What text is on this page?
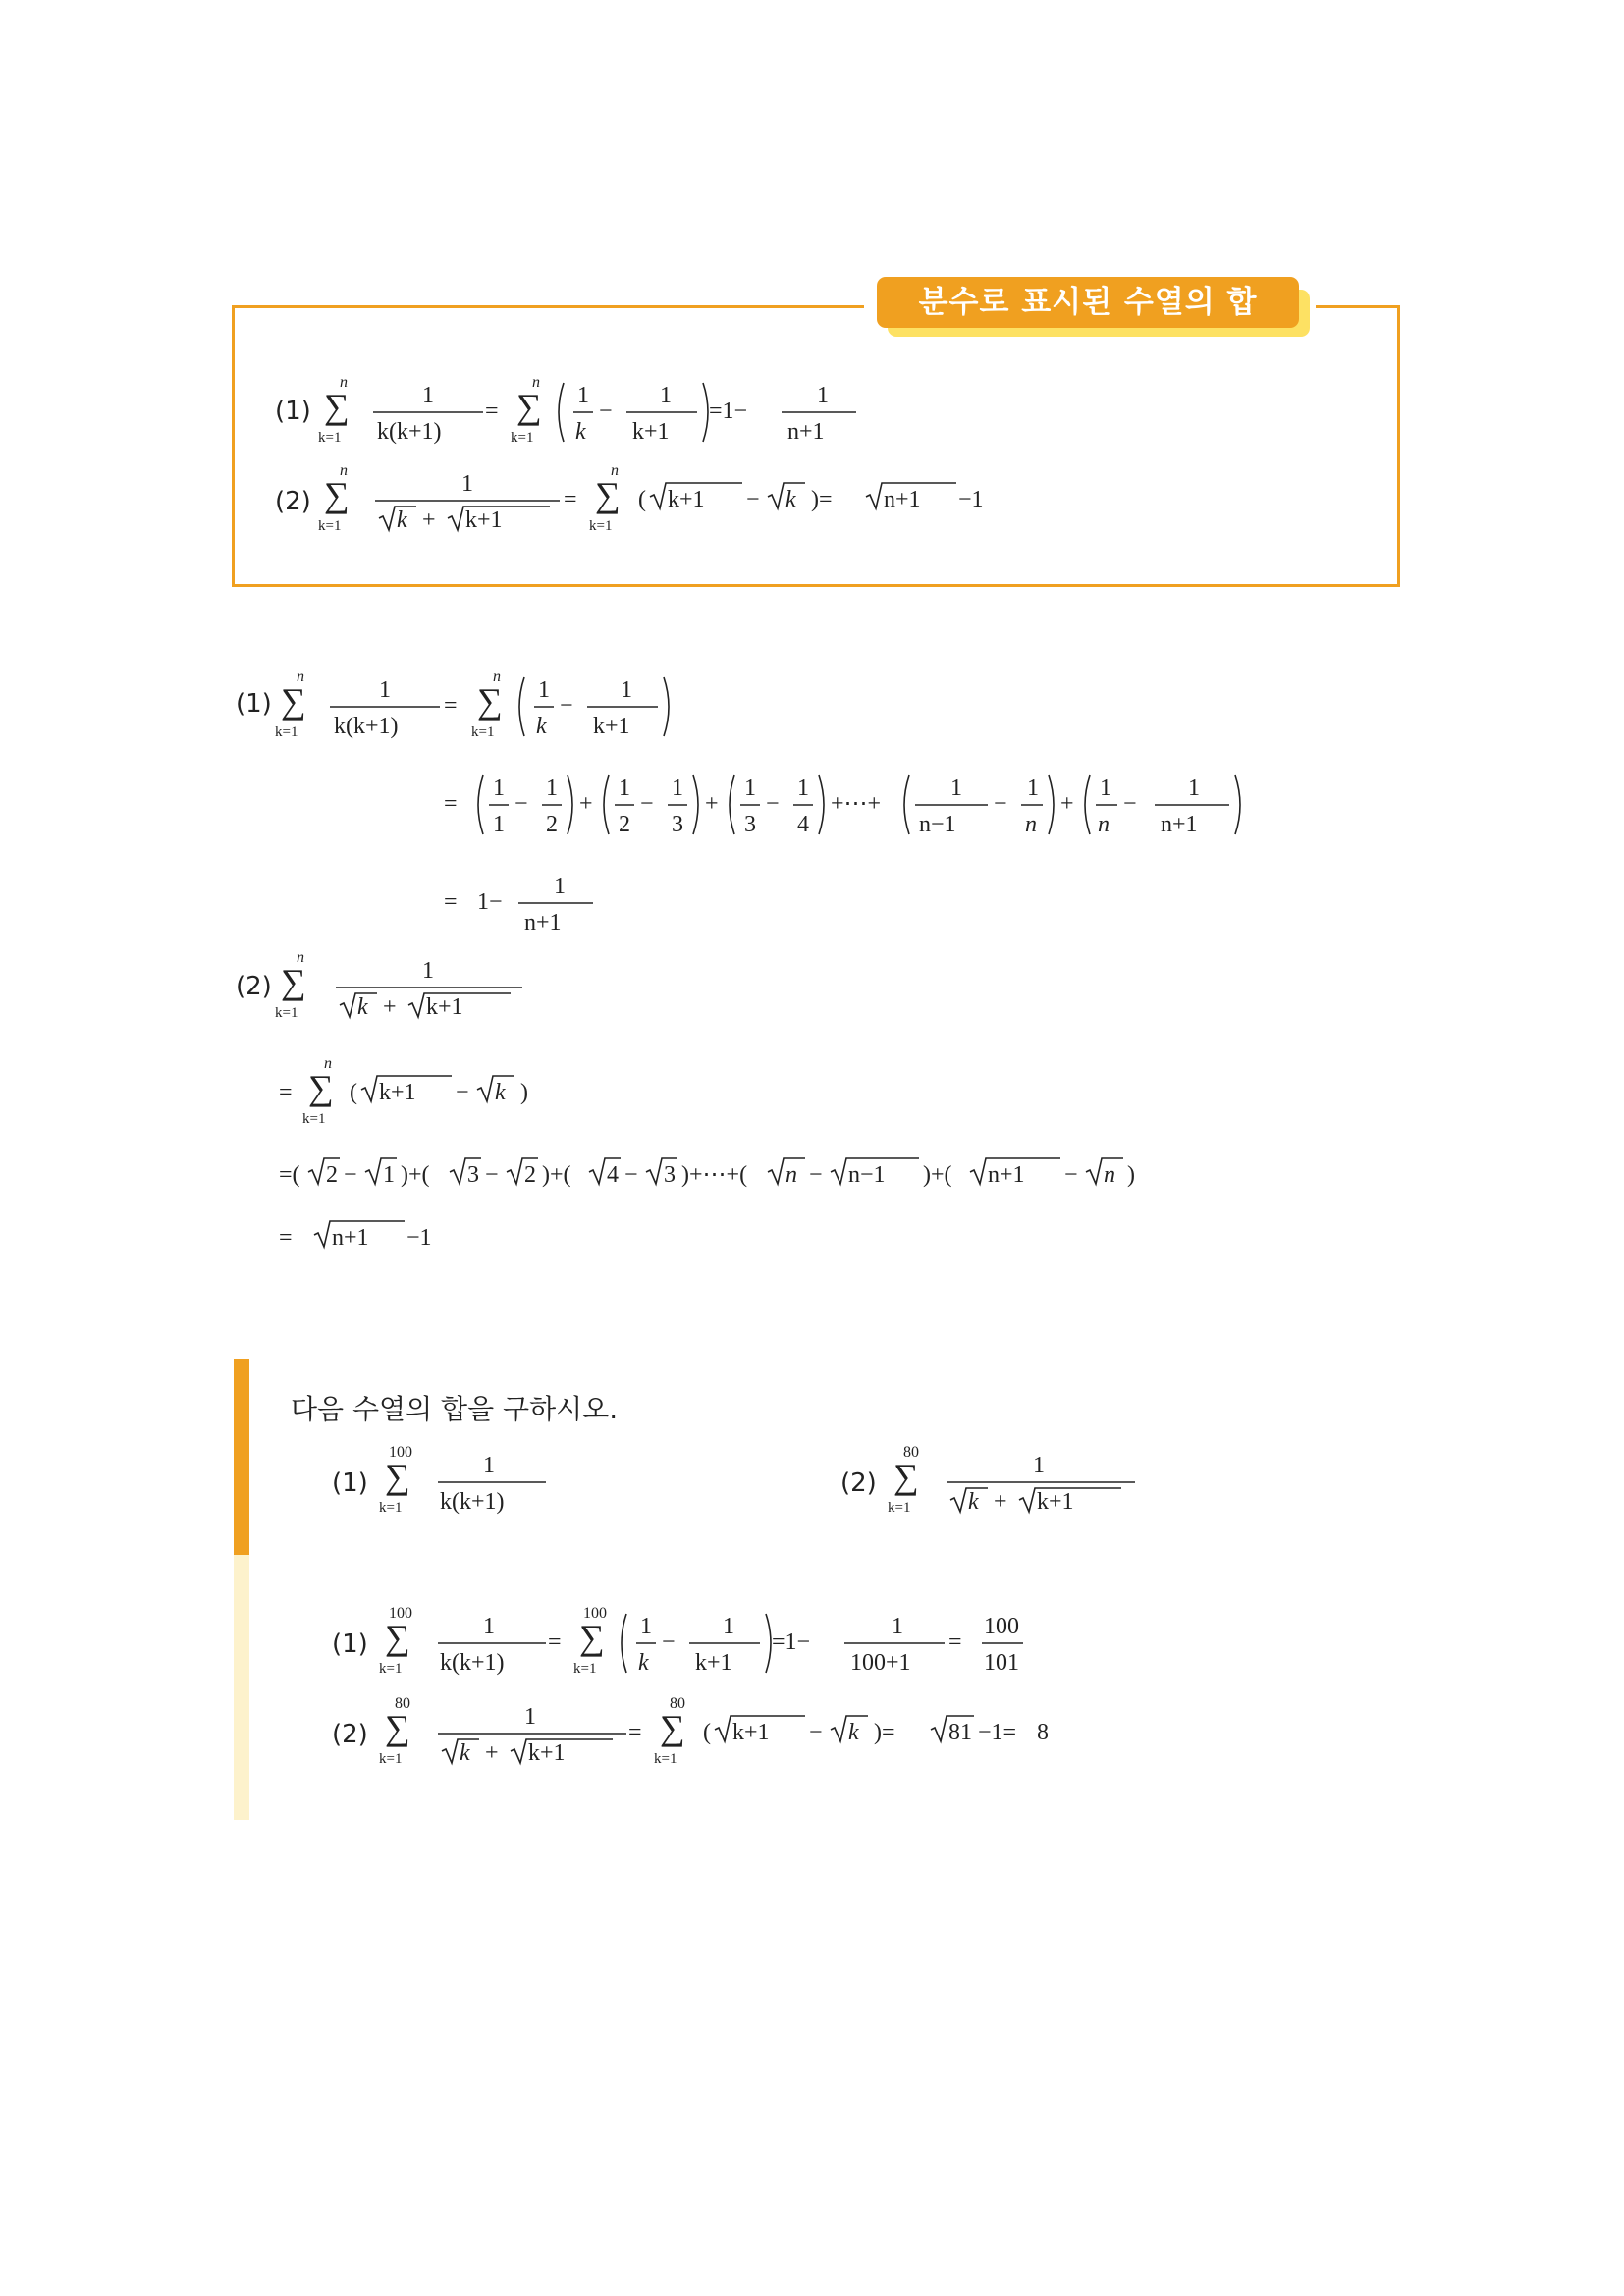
분수로 표시된 수열의 합
(1)
(2)
n
∑
k=1
1
k(k+1)
=
n
∑
k=1
1
k
−
1
k+1
=1−
1
n+1
n
∑
k=1
1
k + k+1
=
n
∑
k=1
( k+1 − k )= n+1 −1
(1)
n
∑
k=1
1
k(k+1)
=
n
∑
k=1
1
k
−
1
k+1
=
1
1
−
1
2
+
1
2
−
1
3
+
1
3
−
1
4
+⋯+
1
n−1
−
1
n
+
1
n
−
1
n+1
= 1−
1
n+1
(2)
n
∑
k=1
1
k + k+1
=
n
∑
k=1
( k+1 − k )
=( 2 − 1 )+( 3 − 2 )+( 4 − 3 )+⋯+( n − n−1 )+( n+1 − n )
= n+1 −1
다음 수열의 합을 구하시오.
(1)
100
∑
k=1
1
k(k+1)
(2)
80
∑
k=1
1
k + k+1
(1)
100
∑
k=1
1
k(k+1)
=
100
∑
k=1
1
k
−
1
k+1
=1−
1
100+1
=
100
101
(2)
80
∑
k=1
1
k + k+1
=
80
∑
k=1
( k+1 − k )= 81 −1= 8
